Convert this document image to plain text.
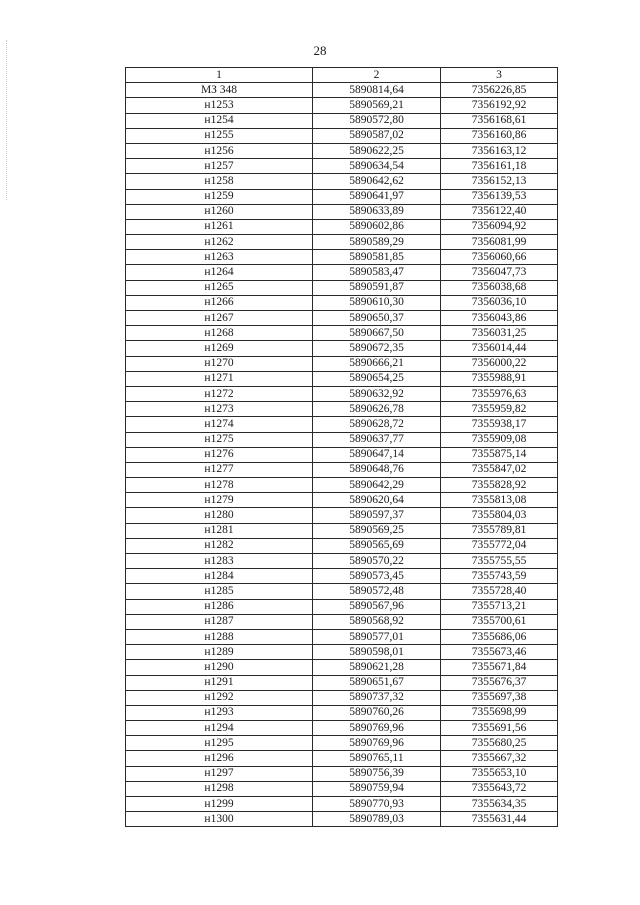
28
1	2	3
МЗ 348	5890814,64	7356226,85
н1253	5890569,21	7356192,92
н1254	5890572,80	7356168,61
н1255	5890587,02	7356160,86
н1256	5890622,25	7356163,12
н1257	5890634,54	7356161,18
н1258	5890642,62	7356152,13
н1259	5890641,97	7356139,53
н1260	5890633,89	7356122,40
н1261	5890602,86	7356094,92
н1262	5890589,29	7356081,99
н1263	5890581,85	7356060,66
н1264	5890583,47	7356047,73
н1265	5890591,87	7356038,68
н1266	5890610,30	7356036,10
н1267	5890650,37	7356043,86
н1268	5890667,50	7356031,25
н1269	5890672,35	7356014,44
н1270	5890666,21	7356000,22
н1271	5890654,25	7355988,91
н1272	5890632,92	7355976,63
н1273	5890626,78	7355959,82
н1274	5890628,72	7355938,17
н1275	5890637,77	7355909,08
н1276	5890647,14	7355875,14
н1277	5890648,76	7355847,02
н1278	5890642,29	7355828,92
н1279	5890620,64	7355813,08
н1280	5890597,37	7355804,03
н1281	5890569,25	7355789,81
н1282	5890565,69	7355772,04
н1283	5890570,22	7355755,55
н1284	5890573,45	7355743,59
н1285	5890572,48	7355728,40
н1286	5890567,96	7355713,21
н1287	5890568,92	7355700,61
н1288	5890577,01	7355686,06
н1289	5890598,01	7355673,46
н1290	5890621,28	7355671,84
н1291	5890651,67	7355676,37
н1292	5890737,32	7355697,38
н1293	5890760,26	7355698,99
н1294	5890769,96	7355691,56
н1295	5890769,96	7355680,25
н1296	5890765,11	7355667,32
н1297	5890756,39	7355653,10
н1298	5890759,94	7355643,72
н1299	5890770,93	7355634,35
н1300	5890789,03	7355631,44
